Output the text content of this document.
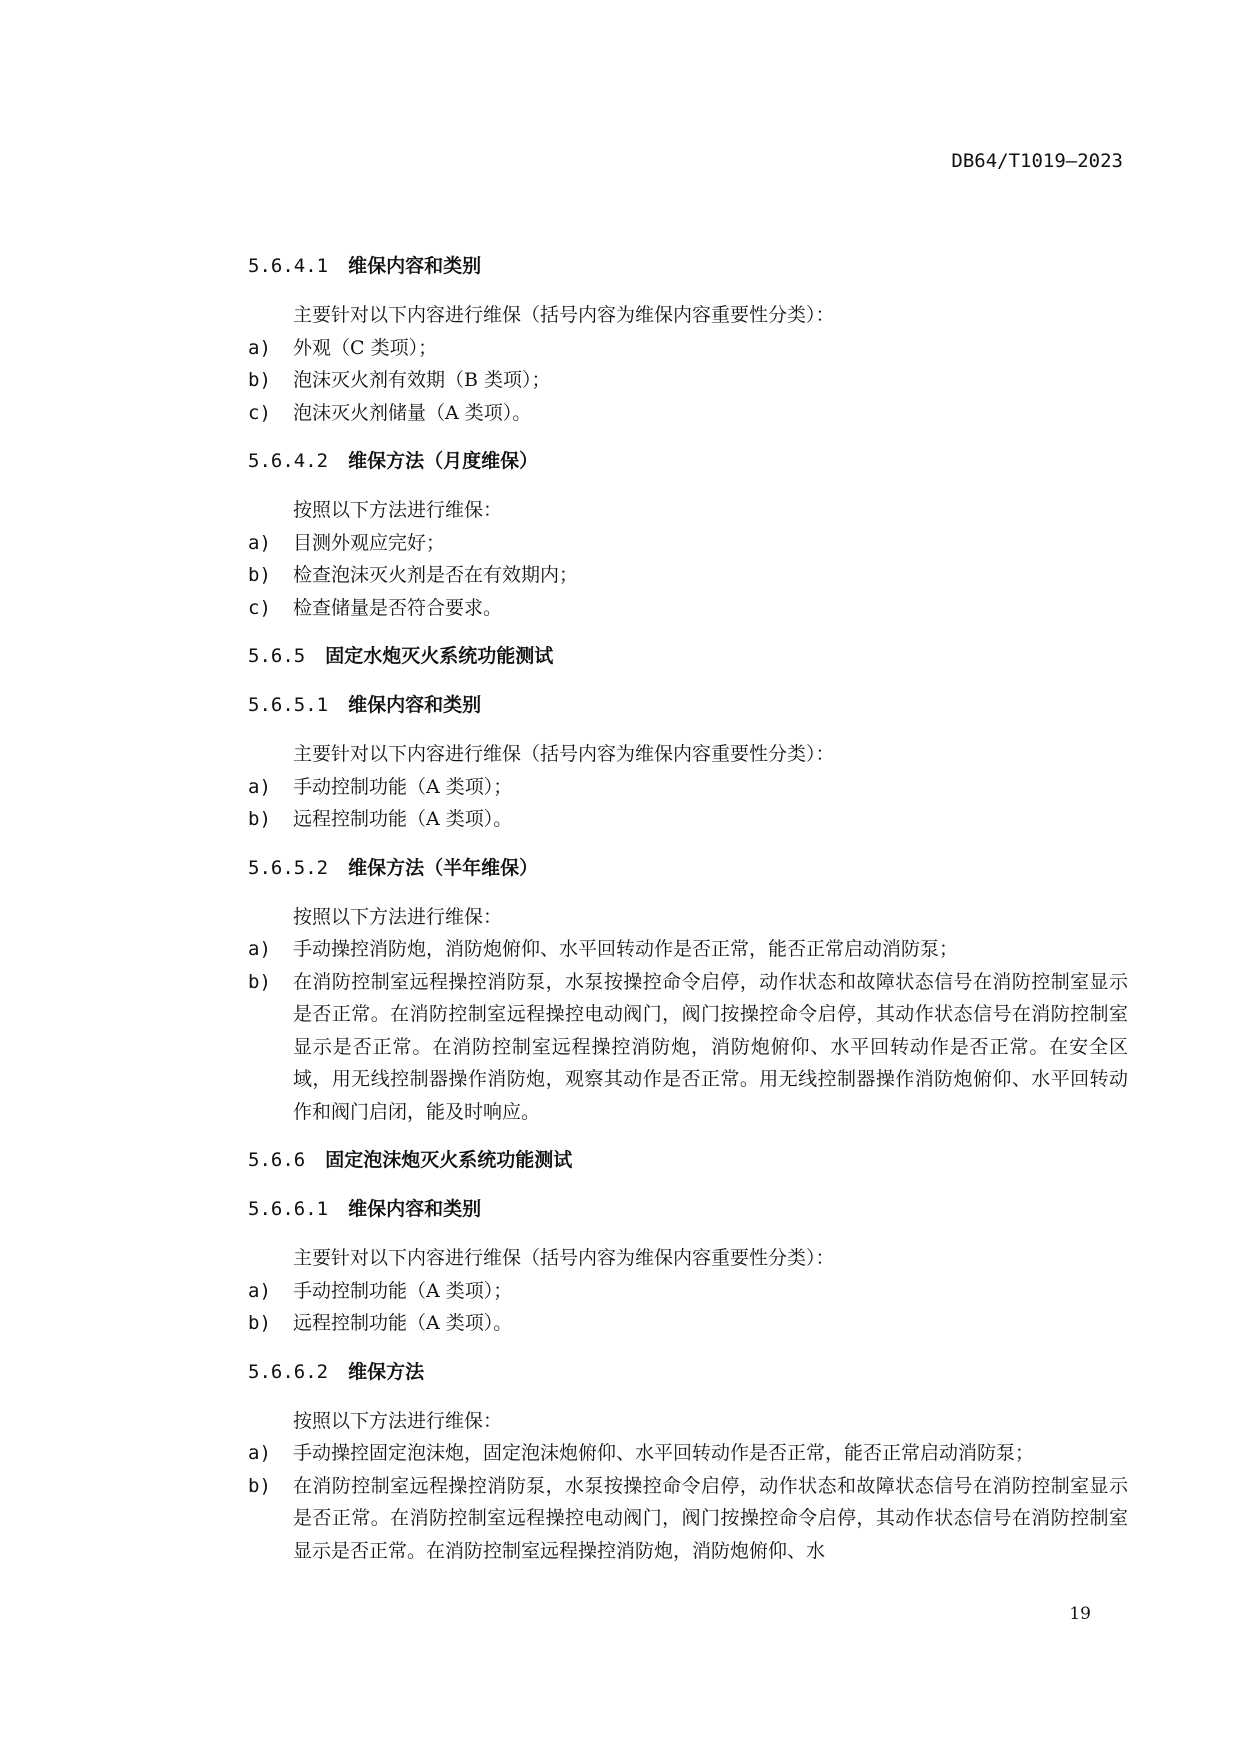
DB64/T1019—2023
5.6.4.1 维保内容和类别

主要针对以下内容进行维保（括号内容为维保内容重要性分类）：

a)	外观（C 类项）；
b)	泡沫灭火剂有效期（B 类项）；
c)	泡沫灭火剂储量（A 类项）。
5.6.4.2 维保方法（月度维保）

按照以下方法进行维保：

a)	目测外观应完好；
b)	检查泡沫灭火剂是否在有效期内；
c)	检查储量是否符合要求。
5.6.5 固定水炮灭火系统功能测试
5.6.5.1 维保内容和类别

主要针对以下内容进行维保（括号内容为维保内容重要性分类）：

a)	手动控制功能（A 类项）；
b)	远程控制功能（A 类项）。
5.6.5.2 维保方法（半年维保）

按照以下方法进行维保：

a)	手动操控消防炮，消防炮俯仰、水平回转动作是否正常，能否正常启动消防泵；
b)	在消防控制室远程操控消防泵，水泵按操控命令启停，动作状态和故障状态信号在消防控制室显示是否正常。在消防控制室远程操控电动阀门，阀门按操控命令启停，其动作状态信号在消防控制室显示是否正常。在消防控制室远程操控消防炮，消防炮俯仰、水平回转动作是否正常。在安全区域，用无线控制器操作消防炮，观察其动作是否正常。用无线控制器操作消防炮俯仰、水平回转动作和阀门启闭，能及时响应。
5.6.6 固定泡沫炮灭火系统功能测试
5.6.6.1 维保内容和类别

主要针对以下内容进行维保（括号内容为维保内容重要性分类）：

a)	手动控制功能（A 类项）；
b)	远程控制功能（A 类项）。
5.6.6.2 维保方法

按照以下方法进行维保：

a)	手动操控固定泡沫炮，固定泡沫炮俯仰、水平回转动作是否正常，能否正常启动消防泵；
b)	在消防控制室远程操控消防泵，水泵按操控命令启停，动作状态和故障状态信号在消防控制室显示是否正常。在消防控制室远程操控电动阀门，阀门按操控命令启停，其动作状态信号在消防控制室显示是否正常。在消防控制室远程操控消防炮，消防炮俯仰、水
19
